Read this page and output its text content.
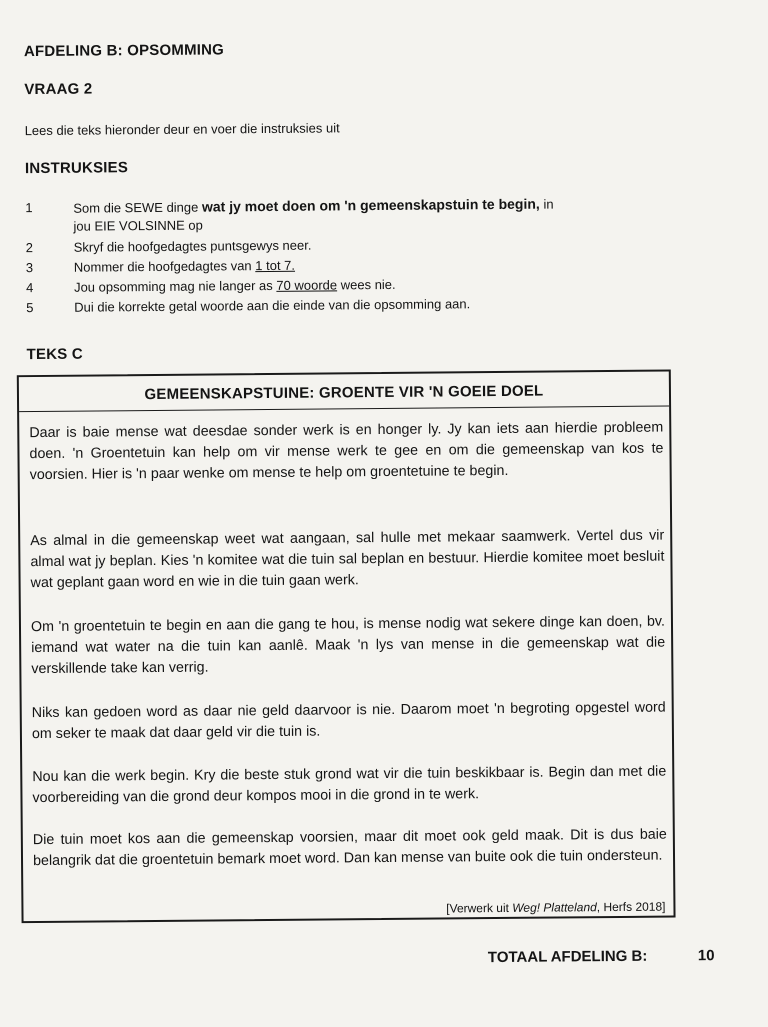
AFDELING B: OPSOMMING
VRAAG 2
Lees die teks hieronder deur en voer die instruksies uit
INSTRUKSIES
1	Som die SEWE dinge wat jy moet doen om 'n gemeenskapstuin te begin, in
jou EIE VOLSINNE op
2	Skryf die hoofgedagtes puntsgewys neer.
3	Nommer die hoofgedagtes van 1 tot 7.
4	Jou opsomming mag nie langer as 70 woorde wees nie.
5	Dui die korrekte getal woorde aan die einde van die opsomming aan.
TEKS C
GEMEENSKAPSTUINE: GROENTE VIR 'N GOEIE DOEL
Daar is baie mense wat deesdae sonder werk is en honger ly. Jy kan iets aan hierdie probleem doen. 'n Groentetuin kan help om vir mense werk te gee en om die gemeenskap van kos te voorsien. Hier is 'n paar wenke om mense te help om groentetuine te begin.
As almal in die gemeenskap weet wat aangaan, sal hulle met mekaar saamwerk. Vertel dus vir almal wat jy beplan. Kies 'n komitee wat die tuin sal beplan en bestuur. Hierdie komitee moet besluit wat geplant gaan word en wie in die tuin gaan werk.
Om 'n groentetuin te begin en aan die gang te hou, is mense nodig wat sekere dinge kan doen, bv. iemand wat water na die tuin kan aanlê. Maak 'n lys van mense in die gemeenskap wat die verskillende take kan verrig.
Niks kan gedoen word as daar nie geld daarvoor is nie. Daarom moet 'n begroting opgestel word om seker te maak dat daar geld vir die tuin is.
Nou kan die werk begin. Kry die beste stuk grond wat vir die tuin beskikbaar is. Begin dan met die voorbereiding van die grond deur kompos mooi in die grond in te werk.
Die tuin moet kos aan die gemeenskap voorsien, maar dit moet ook geld maak. Dit is dus baie belangrik dat die groentetuin bemark moet word. Dan kan mense van buite ook die tuin ondersteun.
[Verwerk uit Weg! Platteland, Herfs 2018]
TOTAAL AFDELING B:	10
